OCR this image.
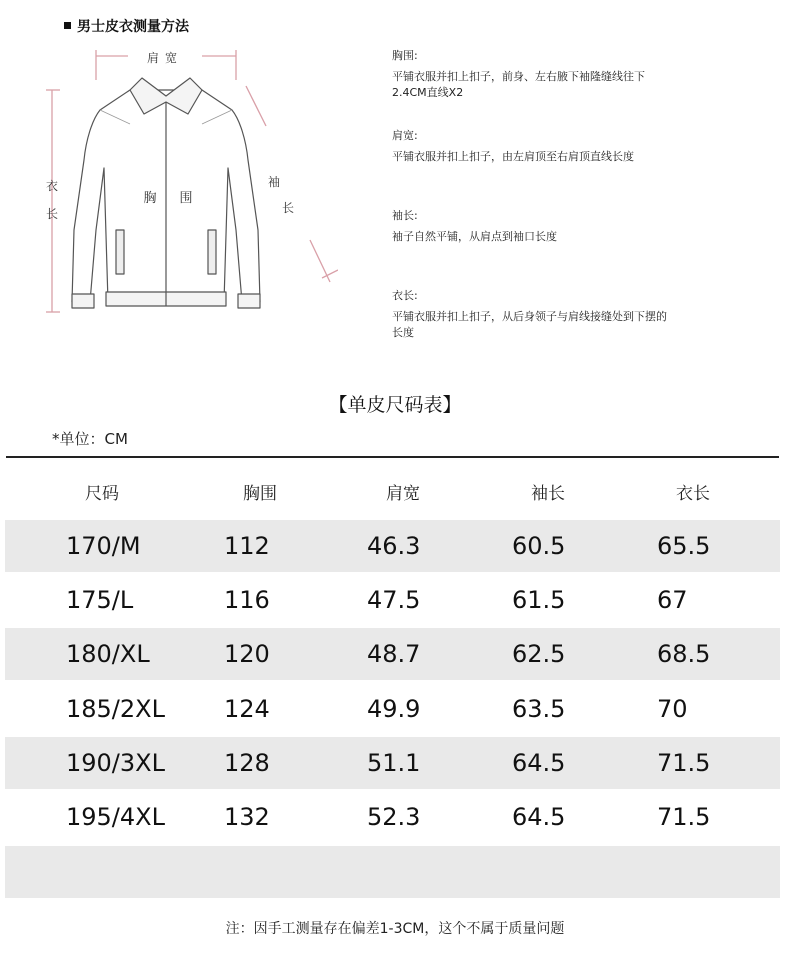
男士皮衣测量方法
肩宽
胸 围
衣
长
袖
长
胸围:
平铺衣服并扣上扣子，前身、左右腋下袖隆缝线往下
2.4CM直线X2
肩宽:
平铺衣服并扣上扣子，由左肩顶至右肩顶直线长度
袖长:
袖子自然平铺，从肩点到袖口长度
衣长:
平铺衣服并扣上扣子，从后身领子与肩线接缝处到下摆的
长度
【单皮尺码表】
*单位：CM
尺码	胸围	肩宽	袖长	衣长
170/M	112	46.3	60.5	65.5
175/L	116	47.5	61.5	67
180/XL	120	48.7	62.5	68.5
185/2XL 124	49.9	63.5	70
190/3XL 128	51.1	64.5	71.5
195/4XL 132	52.3	64.5	71.5
注：因手工测量存在偏差1-3CM，这个不属于质量问题
